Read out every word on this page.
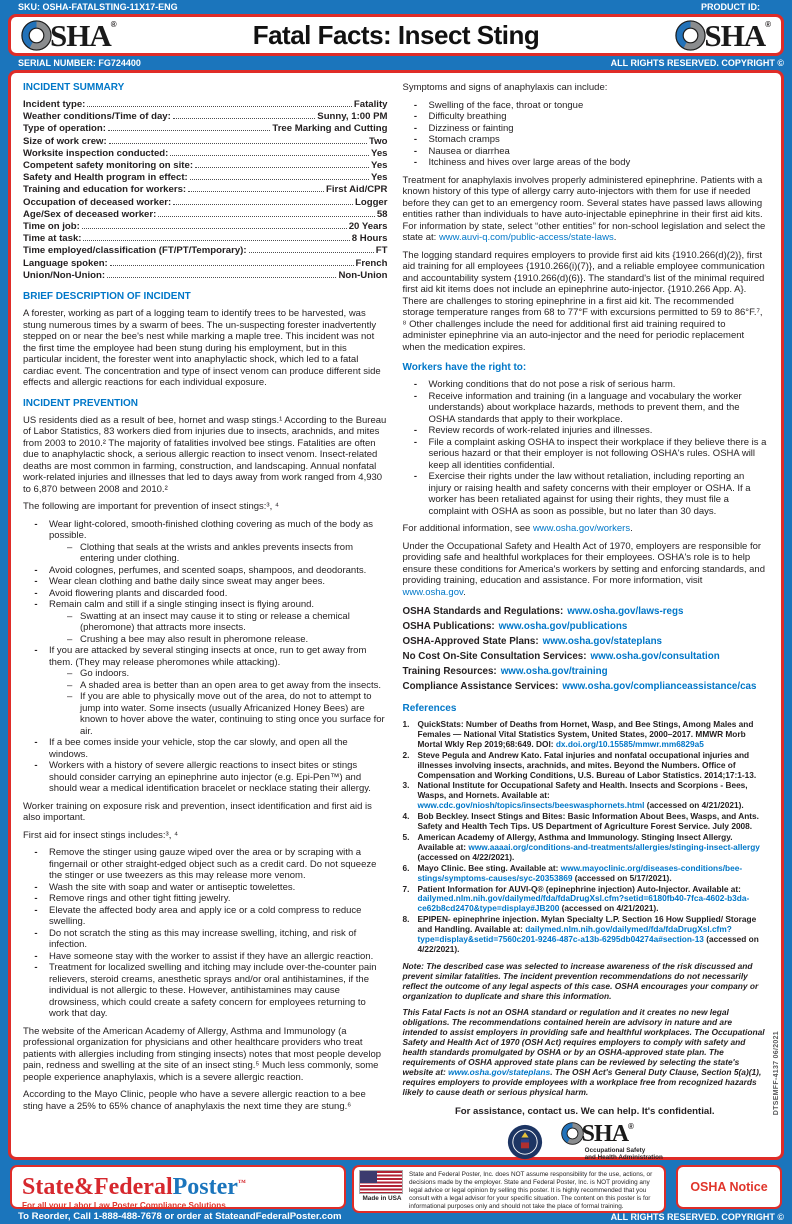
SKU: OSHA-FATALSTING-11X17-ENG	PRODUCT ID:
SHA ®	Fatal Facts: Insect Sting	SHA ®
SERIAL NUMBER: FG724400	ALL RIGHTS RESERVED. COPYRIGHT ©
INCIDENT SUMMARY
Incident type:	Fatality
Weather conditions/Time of day:	Sunny, 1:00 PM
Type of operation:	Tree Marking and Cutting
Size of work crew:	Two
Worksite inspection conducted:	Yes
Competent safety monitoring on site:	Yes
Safety and Health program in effect:	Yes
Training and education for workers:	First Aid/CPR
Occupation of deceased worker:	Logger
Age/Sex of deceased worker:	58
Time on job:	20 Years
Time at task:	8 Hours
Time employed/classification (FT/PT/Temporary):	FT
Language spoken:	French
Union/Non-Union:	Non-Union
BRIEF DESCRIPTION OF INCIDENT

A forester, working as part of a logging team to identify trees to be harvested, was stung numerous times by a swarm of bees. The un-suspecting forester inadvertently stepped on or near the bee's nest while marking a maple tree. This incident was not the first time the employee had been stung during his employment, but in this particular incident, the forester went into anaphylactic shock, which led to a fatal cardiac event. The concentration and type of insect venom can produce different side effects and allergic reactions for each individual exposure.

INCIDENT PREVENTION

US residents died as a result of bee, hornet and wasp stings.¹ According to the Bureau of Labor Statistics, 83 workers died from injuries due to insects, arachnids, and mites from 2003 to 2010.² The majority of fatalities involved bee stings. Fatalities are often due to anaphylactic shock, a serious allergic reaction to insect venom. Insect-related deaths are most common in farming, construction, and landscaping. Annual nonfatal work-related injuries and illnesses that led to days away from work ranged from 4,930 to 6,870 between 2008 and 2010.²

The following are important for prevention of insect stings:³, ⁴

-
Wear light-colored, smooth-finished clothing covering as much of the body as possible.
–
Clothing that seals at the wrists and ankles prevents insects from entering under clothing.
-
Avoid colognes, perfumes, and scented soaps, shampoos, and deodorants.
-
Wear clean clothing and bathe daily since sweat may anger bees.
-
Avoid flowering plants and discarded food.
-
Remain calm and still if a single stinging insect is flying around.
–
Swatting at an insect may cause it to sting or release a chemical (pheromone) that attracts more insects.
–
Crushing a bee may also result in pheromone release.
-
If you are attacked by several stinging insects at once, run to get away from them. (They may release pheromones while attacking).
–
Go indoors.
–
A shaded area is better than an open area to get away from the insects.
–
If you are able to physically move out of the area, do not to attempt to jump into water. Some insects (usually Africanized Honey Bees) are known to hover above the water, continuing to sting once you surface for air.
-
If a bee comes inside your vehicle, stop the car slowly, and open all the windows.
-
Workers with a history of severe allergic reactions to insect bites or stings should consider carrying an epinephrine auto injector (e.g. Epi-Pen™) and should wear a medical identification bracelet or necklace stating their allergy.

Worker training on exposure risk and prevention, insect identification and first aid is also important.

First aid for insect stings includes:³, ⁴

-
Remove the stinger using gauze wiped over the area or by scraping with a fingernail or other straight-edged object such as a credit card. Do not squeeze the stinger or use tweezers as this may release more venom.
-
Wash the site with soap and water or antiseptic towelettes.
-
Remove rings and other tight fitting jewelry.
-
Elevate the affected body area and apply ice or a cold compress to reduce swelling.
-
Do not scratch the sting as this may increase swelling, itching, and risk of infection.
-
Have someone stay with the worker to assist if they have an allergic reaction.
-
Treatment for localized swelling and itching may include over-the-counter pain relievers, steroid creams, anesthetic sprays and/or oral antihistamines, if the individual is not allergic to these. However, antihistamines may cause drowsiness, which could create a safety concern for employees returning to work that day.

The website of the American Academy of Allergy, Asthma and Immunology (a professional organization for physicians and other healthcare providers who treat patients with allergies including from stinging insects) notes that most people develop pain, redness and swelling at the site of an insect sting.⁵ Much less commonly, some people experience anaphylaxis, which is a severe allergic reaction.

According to the Mayo Clinic, people who have a severe allergic reaction to a bee sting have a 25% to 65% chance of anaphylaxis the next time they are stung.⁶

Symptoms and signs of anaphylaxis can include:

-
Swelling of the face, throat or tongue
-
Difficulty breathing
-
Dizziness or fainting
-
Stomach cramps
-
Nausea or diarrhea
-
Itchiness and hives over large areas of the body

Treatment for anaphylaxis involves properly administered epinephrine. Patients with a known history of this type of allergy carry auto-injectors with them for use if needed before they can get to an emergency room. Several states have passed laws allowing entities rather than individuals to have auto-injectable epinephrine in their first aid kits. For information by state, select “other entities” for non-school legislation and select the state at: www.auvi-q.com/public-access/state-laws.

The logging standard requires employers to provide first aid kits {1910.266(d)(2)}, first aid training for all employees {1910.266(i)(7)}, and a reliable employee communication and accountability system {1910.266(d)(6)}. The standard's list of the minimal required first aid kit items does not include an epinephrine auto-injector. {1910.266 App. A}. There are challenges to storing epinephrine in a first aid kit. The recommended storage temperature ranges from 68 to 77°F with excursions permitted to 59 to 86°F.⁷, ⁸ Other challenges include the need for additional first aid training required to administer epinephrine via an auto-injector and the need for periodic replacement when the medication expires.

Workers have the right to:
-
Working conditions that do not pose a risk of serious harm.
-
Receive information and training (in a language and vocabulary the worker understands) about workplace hazards, methods to prevent them, and the OSHA standards that apply to their workplace.
-
Review records of work-related injuries and illnesses.
-
File a complaint asking OSHA to inspect their workplace if they believe there is a serious hazard or that their employer is not following OSHA's rules. OSHA will keep all identities confidential.
-
Exercise their rights under the law without retaliation, including reporting an injury or raising health and safety concerns with their employer or OSHA. If a worker has been retaliated against for using their rights, they must file a complaint with OSHA as soon as possible, but no later than 30 days.

For additional information, see www.osha.gov/workers.

Under the Occupational Safety and Health Act of 1970, employers are responsible for providing safe and healthful workplaces for their employees. OSHA's role is to help ensure these conditions for America's workers by setting and enforcing standards, and providing training, education and assistance. For more information, visit www.osha.gov.

OSHA Standards and Regulations: www.osha.gov/laws-regs
OSHA Publications: www.osha.gov/publications
OSHA-Approved State Plans: www.osha.gov/stateplans
No Cost On-Site Consultation Services: www.osha.gov/consultation
Training Resources: www.osha.gov/training
Compliance Assistance Services: www.osha.gov/complianceassistance/cas
References
1. QuickStats: Number of Deaths from Hornet, Wasp, and Bee Stings, Among Males and Females — National Vital Statistics System, United States, 2000–2017. MMWR Morb Mortal Wkly Rep 2019;68:649. DOI: dx.doi.org/10.15585/mmwr.mm6829a5
2. Steve Pegula and Andrew Kato. Fatal injuries and nonfatal occupational injuries and illnesses involving insects, arachnids, and mites. Beyond the Numbers. Office of Compensation and Working Conditions, U.S. Bureau of Labor Statistics. 2014;17:1-13.
3. National Institute for Occupational Safety and Health. Insects and Scorpions - Bees, Wasps, and Hornets. Available at: www.cdc.gov/niosh/topics/insects/beeswasphornets.html (accessed on 4/21/2021).
4. Bob Beckley. Insect Stings and Bites: Basic Information About Bees, Wasps, and Ants. Safety and Health Tech Tips. US Department of Agriculture Forest Service. July 2008.
5. American Academy of Allergy, Asthma and Immunology. Stinging Insect Allergy. Available at: www.aaaai.org/conditions-and-treatments/allergies/stinging-insect-allergy (accessed on 4/22/2021).
6. Mayo Clinic. Bee sting. Available at: www.mayoclinic.org/diseases-conditions/bee-stings/symptoms-causes/syc-20353869 (accessed on 5/17/2021).
7. Patient Information for AUVI-Q® (epinephrine injection) Auto-Injector. Available at: dailymed.nlm.nih.gov/dailymed/fda/fdaDrugXsl.cfm?setid=6180fb40-7fca-4602-b3da-ce62b8cd2470&type=display#JB200 (accessed on 4/21/2021).
8. EPIPEN- epinephrine injection. Mylan Specialty L.P. Section 16 How Supplied/ Storage and Handling. Available at: dailymed.nlm.nih.gov/dailymed/fda/fdaDrugXsl.cfm?type=display&setid=7560c201-9246-487c-a13b-6295db04274a#section-13 (accessed on 4/22/2021).

Note: The described case was selected to increase awareness of the risk discussed and prevent similar fatalities. The incident prevention recommendations do not necessarily reflect the outcome of any legal aspects of this case. OSHA encourages your company or organization to duplicate and share this information.

This Fatal Facts is not an OSHA standard or regulation and it creates no new legal obligations. The recommendations contained herein are advisory in nature and are intended to assist employers in providing safe and healthful workplaces. The Occupational Safety and Health Act of 1970 (OSH Act) requires employers to comply with safety and health standards promulgated by OSHA or by an OSHA-approved state plan. The requirements of OSHA approved state plans can be reviewed by selecting the state's website at: www.osha.gov/stateplans. The OSH Act's General Duty Clause, Section 5(a)(1), requires employers to provide employees with a workplace free from recognized hazards likely to cause death or serious physical harm.

For assistance, contact us. We can help. It's confidential.
SHA ®
Occupational Safety
and Health Administration
DTSEMFF-4137 06/2021
State&FederalPoster™
For all your Labor Law Poster Compliance Solutions
Made in USA
State and Federal Poster, Inc. does NOT assume responsibility for the use, actions, or decisions made by the employer. State and Federal Poster, Inc. is NOT providing any legal advice or legal opinion by selling this poster. It is highly recommended that you consult with a legal advisor for your specific situation. The content on this poster is for informational purposes only and should not take the place of formal training.
OSHA Notice
To Reorder, Call 1-888-488-7678 or order at StateandFederalPoster.com	ALL RIGHTS RESERVED. COPYRIGHT ©
